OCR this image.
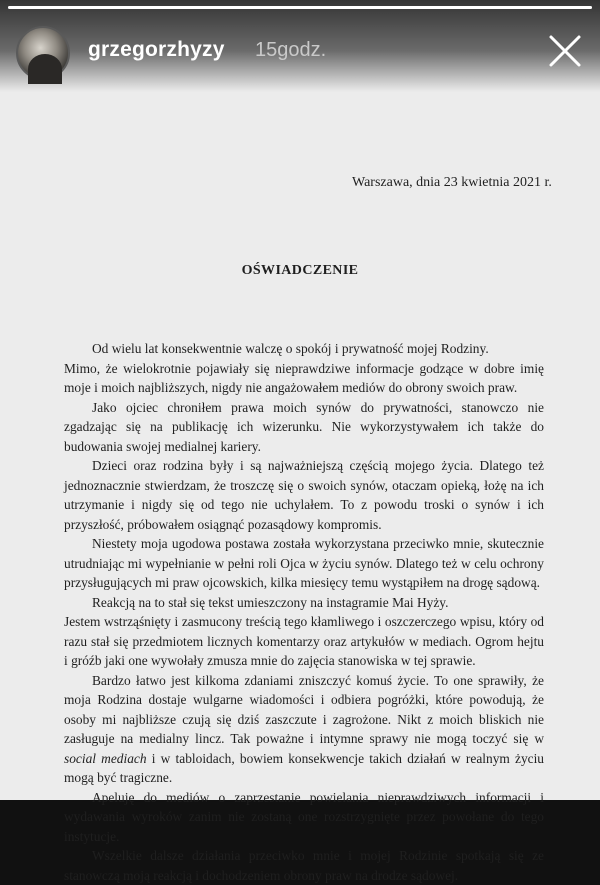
Warszawa, dnia 23 kwietnia 2021 r.
OŚWIADCZENIE

Od wielu lat konsekwentnie walczę o spokój i prywatność mojej Rodziny.

Mimo, że wielokrotnie pojawiały się nieprawdziwe informacje godzące w dobre imię moje i moich najbliższych, nigdy nie angażowałem mediów do obrony swoich praw.

Jako ojciec chroniłem prawa moich synów do prywatności, stanowczo nie zgadzając się na publikację ich wizerunku. Nie wykorzystywałem ich także do budowania swojej medialnej kariery.

Dzieci oraz rodzina były i są najważniejszą częścią mojego życia. Dlatego też jednoznacznie stwierdzam, że troszczę się o swoich synów, otaczam opieką, łożę na ich utrzymanie i nigdy się od tego nie uchylałem. To z powodu troski o synów i ich przyszłość, próbowałem osiągnąć pozasądowy kompromis.

Niestety moja ugodowa postawa została wykorzystana przeciwko mnie, skutecznie utrudniając mi wypełnianie w pełni roli Ojca w życiu synów. Dlatego też w celu ochrony przysługujących mi praw ojcowskich, kilka miesięcy temu wystąpiłem na drogę sądową.

Reakcją na to stał się tekst umieszczony na instagramie Mai Hyży.

Jestem wstrząśnięty i zasmucony treścią tego kłamliwego i oszczerczego wpisu, który od razu stał się przedmiotem licznych komentarzy oraz artykułów w mediach. Ogrom hejtu i gróźb jaki one wywołały zmusza mnie do zajęcia stanowiska w tej sprawie.

Bardzo łatwo jest kilkoma zdaniami zniszczyć komuś życie. To one sprawiły, że moja Rodzina dostaje wulgarne wiadomości i odbiera pogróżki, które powodują, że osoby mi najbliższe czują się dziś zaszczute i zagrożone. Nikt z moich bliskich nie zasługuje na medialny lincz. Tak poważne i intymne sprawy nie mogą toczyć się w social mediach i w tabloidach, bowiem konsekwencje takich działań w realnym życiu mogą być tragiczne.

Apeluję do mediów o zaprzestanie powielania nieprawdziwych informacji i wydawania wyroków zanim nie zostaną one rozstrzygnięte przez powołane do tego instytucje.

Wszelkie dalsze działania przeciwko mnie i mojej Rodzinie spotkają się ze stanowczą moją reakcją i dochodzeniem obrony praw na drodze sądowej.

grzegorzhyzy 15godz.
